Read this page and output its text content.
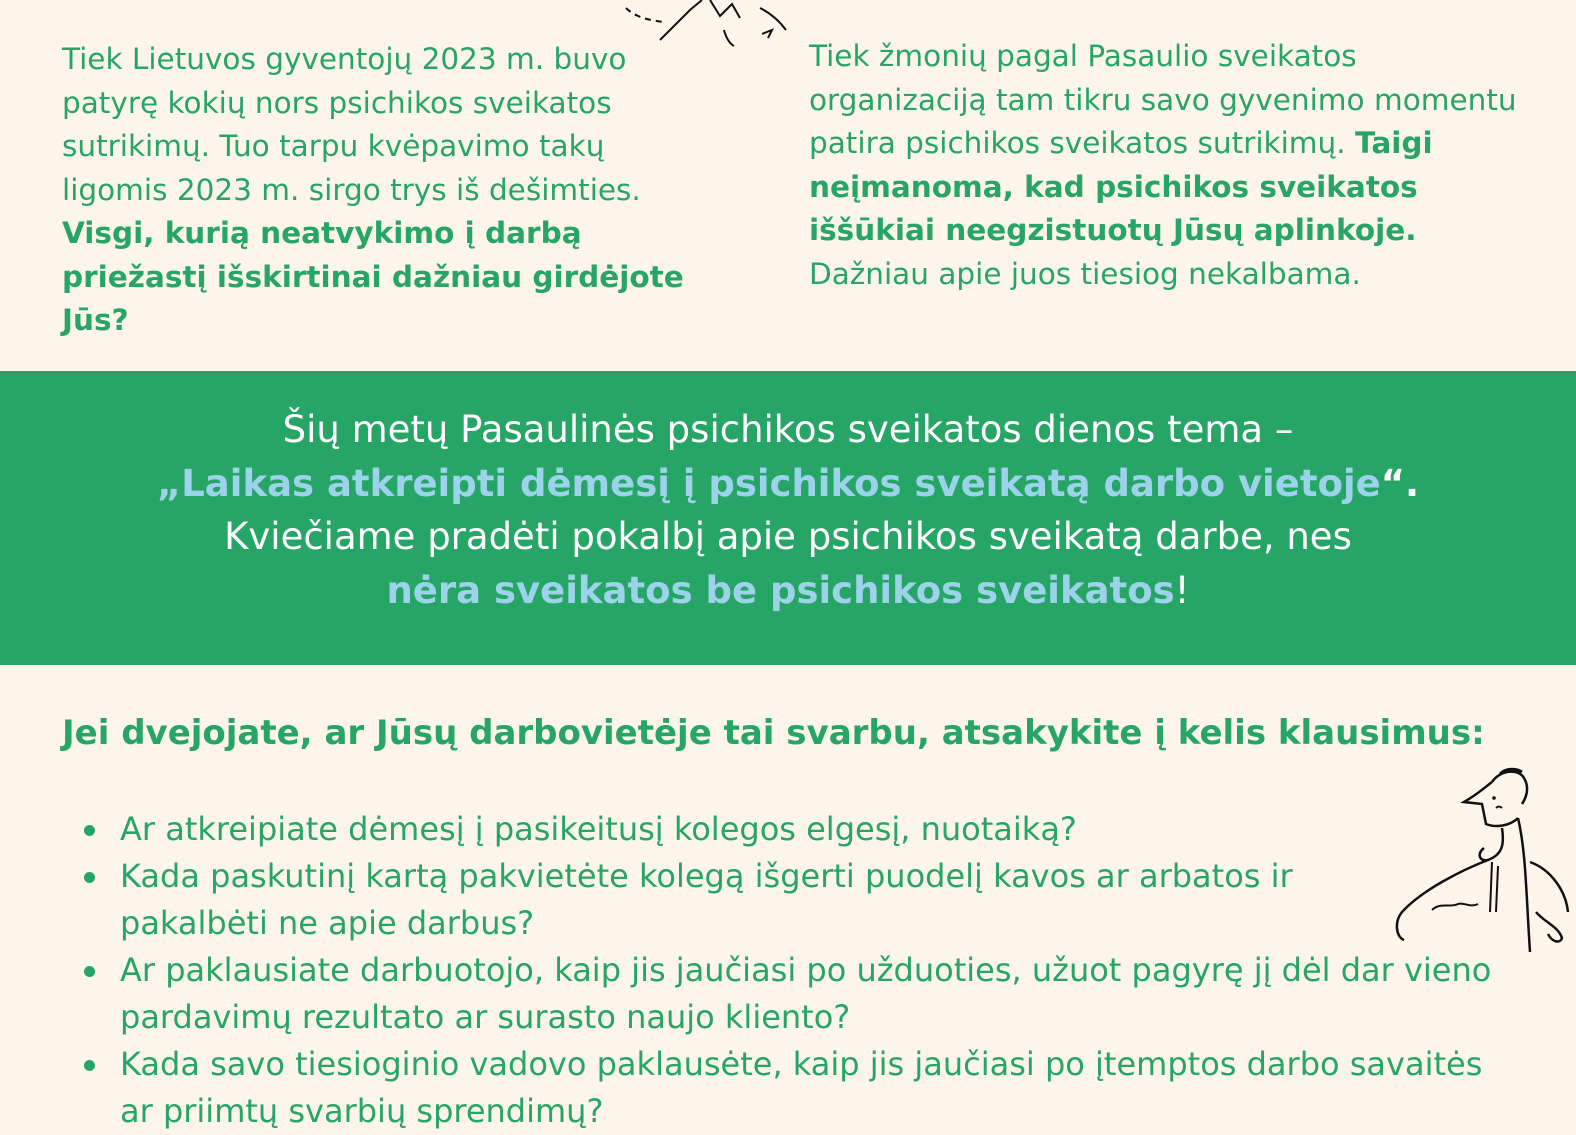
Tiek Lietuvos gyventojų 2023 m. buvo patyrę kokių nors psichikos sveikatos sutrikimų. Tuo tarpu kvėpavimo takų ligomis 2023 m. sirgo trys iš dešimties. Visgi, kurią neatvykimo į darbą priežastį išskirtinai dažniau girdėjote Jūs?
Tiek žmonių pagal Pasaulio sveikatos organizaciją tam tikru savo gyvenimo momentu patira psichikos sveikatos sutrikimų. Taigi neįmanoma, kad psichikos sveikatos iššūkiai neegzistuotų Jūsų aplinkoje. Dažniau apie juos tiesiog nekalbama.
Šių metų Pasaulinės psichikos sveikatos dienos tema –
„Laikas atkreipti dėmesį į psichikos sveikatą darbo vietoje“.
Kviečiame pradėti pokalbį apie psichikos sveikatą darbe, nes
nėra sveikatos be psichikos sveikatos!
Jei dvejojate, ar Jūsų darbovietėje tai svarbu, atsakykite į kelis klausimus:
Ar atkreipiate dėmesį į pasikeitusį kolegos elgesį, nuotaiką?
Kada paskutinį kartą pakvietėte kolegą išgerti puodelį kavos ar arbatos ir pakalbėti ne apie darbus?
Ar paklausiate darbuotojo, kaip jis jaučiasi po užduoties, užuot pagyrę jį dėl dar vieno pardavimų rezultato ar surasto naujo kliento?
Kada savo tiesioginio vadovo paklausėte, kaip jis jaučiasi po įtemptos darbo savaitės ar priimtų svarbių sprendimų?
